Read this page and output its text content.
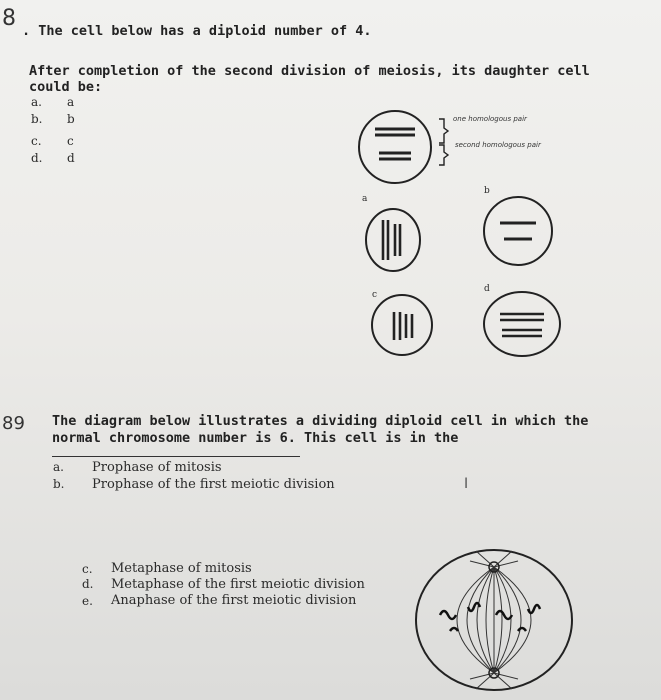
8 . The cell below has a diploid number of 4.
After completion of the second division of meiosis, its daughter cell
could be:
a.
b.
c.
d.
a
b
c
d
one homologous pair
second homologous pair
a
b
c
d
89 The diagram below illustrates a dividing diploid cell in which the
normal chromosome number is 6. This cell is in the
a. Prophase of mitosis
b. Prophase of the first meiotic division	I
c. Metaphase of mitosis
d. Metaphase of the first meiotic division
e. Anaphase of the first meiotic division
